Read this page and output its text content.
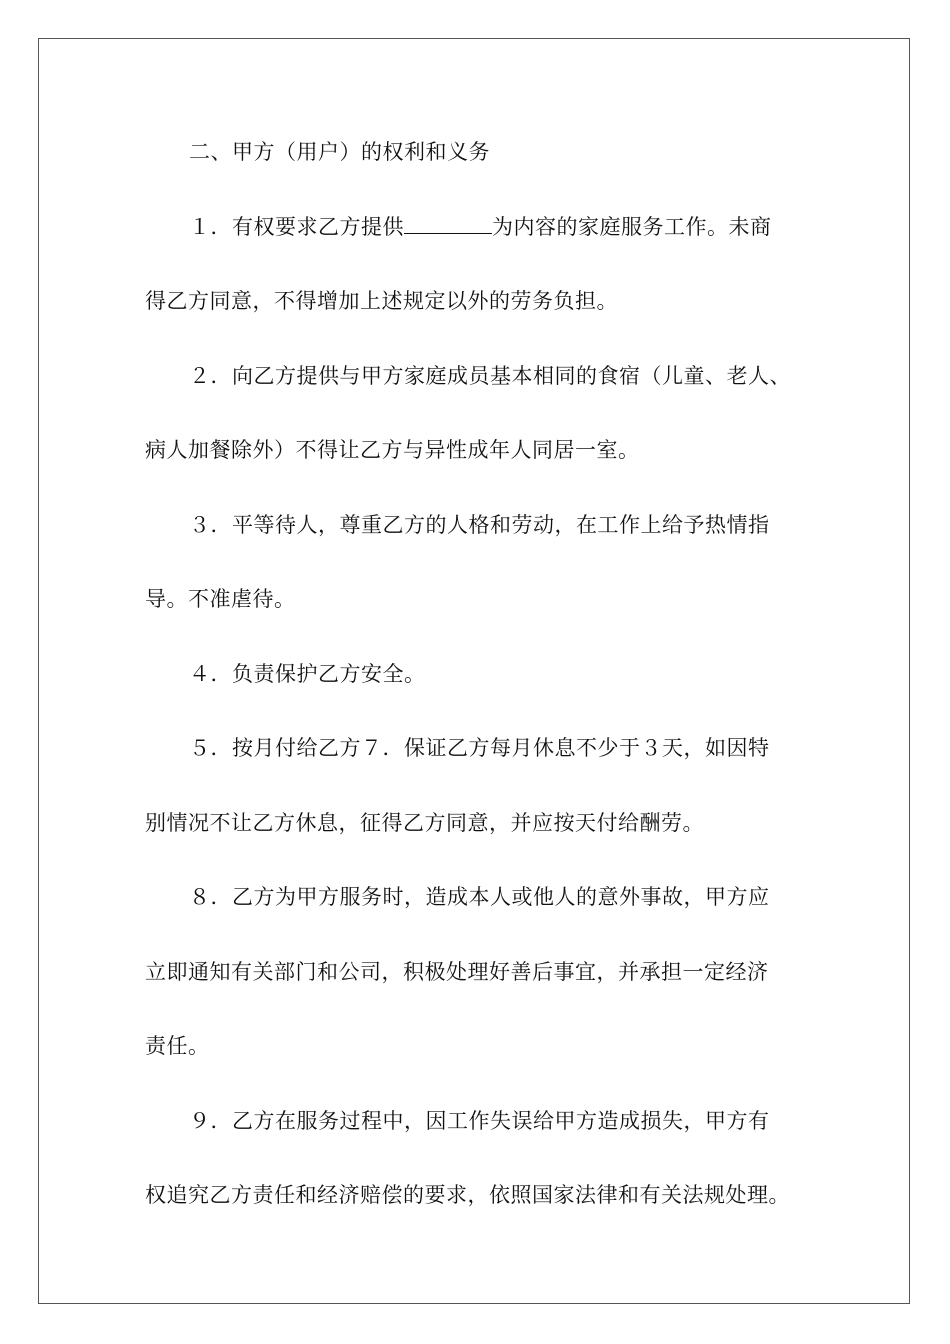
二、甲方（用户）的权利和义务
１．有权要求乙方提供	为内容的家庭服务工作。未商
得乙方同意，不得增加上述规定以外的劳务负担。
２．向乙方提供与甲方家庭成员基本相同的食宿（儿童、老人、
病人加餐除外）不得让乙方与异性成年人同居一室。
３．平等待人，尊重乙方的人格和劳动，在工作上给予热情指
导。不准虐待。
４．负责保护乙方安全。
５．按月付给乙方７．保证乙方每月休息不少于３天，如因特
别情况不让乙方休息，征得乙方同意，并应按天付给酬劳。
８．乙方为甲方服务时，造成本人或他人的意外事故，甲方应
立即通知有关部门和公司，积极处理好善后事宜，并承担一定经济
责任。
９．乙方在服务过程中，因工作失误给甲方造成损失，甲方有
权追究乙方责任和经济赔偿的要求，依照国家法律和有关法规处理。
